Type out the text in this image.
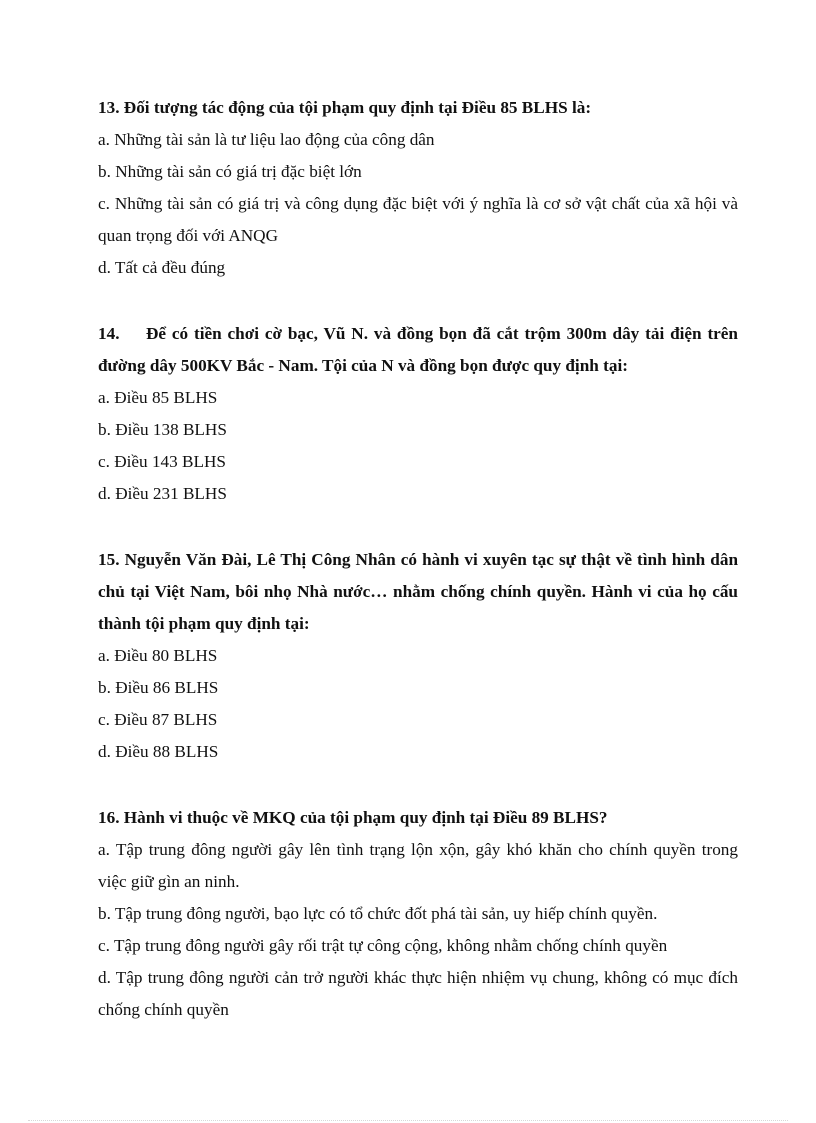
13. Đối tượng tác động của tội phạm quy định tại Điều 85 BLHS là:

a. Những tài sản là tư liệu lao động của công dân

b. Những tài sản có giá trị đặc biệt lớn

c. Những tài sản có giá trị và công dụng đặc biệt với ý nghĩa là cơ sở vật chất của xã hội và quan trọng đối với ANQG

d. Tất cả đều đúng

14. Để có tiền chơi cờ bạc, Vũ N. và đồng bọn đã cắt trộm 300m dây tải điện trên đường dây 500KV Bắc - Nam. Tội của N và đồng bọn được quy định tại:

a. Điều 85 BLHS

b. Điều 138 BLHS

c. Điều 143 BLHS

d. Điều 231 BLHS

15. Nguyễn Văn Đài, Lê Thị Công Nhân có hành vi xuyên tạc sự thật về tình hình dân chủ tại Việt Nam, bôi nhọ Nhà nước… nhằm chống chính quyền. Hành vi của họ cấu thành tội phạm quy định tại:

a. Điều 80 BLHS

b. Điều 86 BLHS

c. Điều 87 BLHS

d. Điều 88 BLHS

16. Hành vi thuộc về MKQ của tội phạm quy định tại Điều 89 BLHS?

a. Tập trung đông người gây lên tình trạng lộn xộn, gây khó khăn cho chính quyền trong việc giữ gìn an ninh.

b. Tập trung đông người, bạo lực có tổ chức đốt phá tài sản, uy hiếp chính quyền.

c. Tập trung đông người gây rối trật tự công cộng, không nhằm chống chính quyền

d. Tập trung đông người cản trở người khác thực hiện nhiệm vụ chung, không có mục đích chống chính quyền
